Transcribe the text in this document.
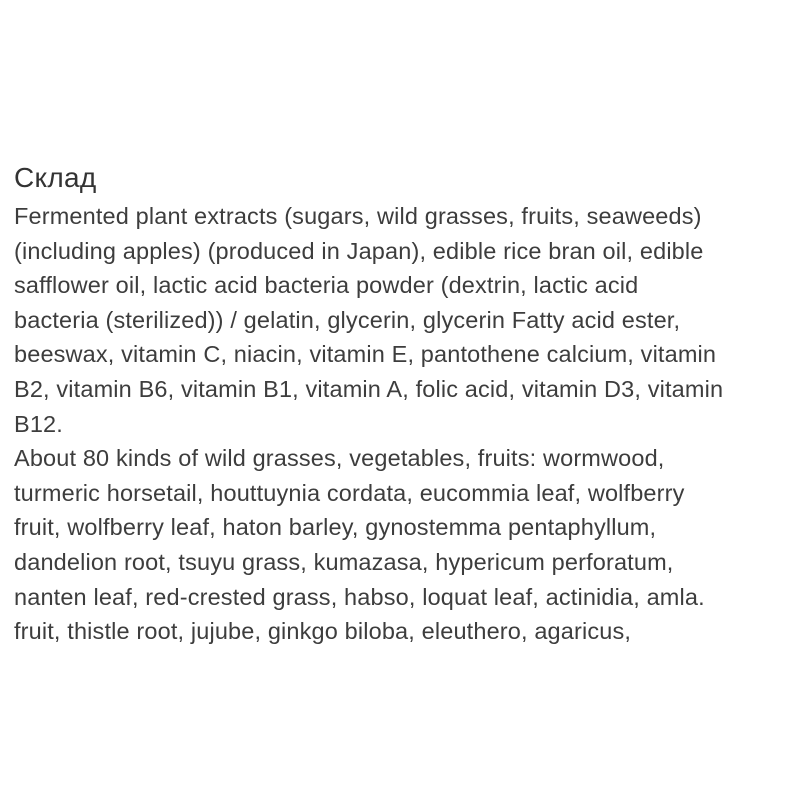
Склад
Fermented plant extracts (sugars, wild grasses, fruits, seaweeds)
(including apples) (produced in Japan), edible rice bran oil, edible
safflower oil, lactic acid bacteria powder (dextrin, lactic acid
bacteria (sterilized)) / gelatin, glycerin, glycerin Fatty acid ester,
beeswax, vitamin C, niacin, vitamin E, pantothene calcium, vitamin
B2, vitamin B6, vitamin B1, vitamin A, folic acid, vitamin D3, vitamin
B12.
About 80 kinds of wild grasses, vegetables, fruits: wormwood,
turmeric horsetail, houttuynia cordata, eucommia leaf, wolfberry
fruit, wolfberry leaf, haton barley, gynostemma pentaphyllum,
dandelion root, tsuyu grass, kumazasa, hypericum perforatum,
nanten leaf, red-crested grass, habso, loquat leaf, actinidia, amla.
fruit, thistle root, jujube, ginkgo biloba, eleuthero, agaricus,
